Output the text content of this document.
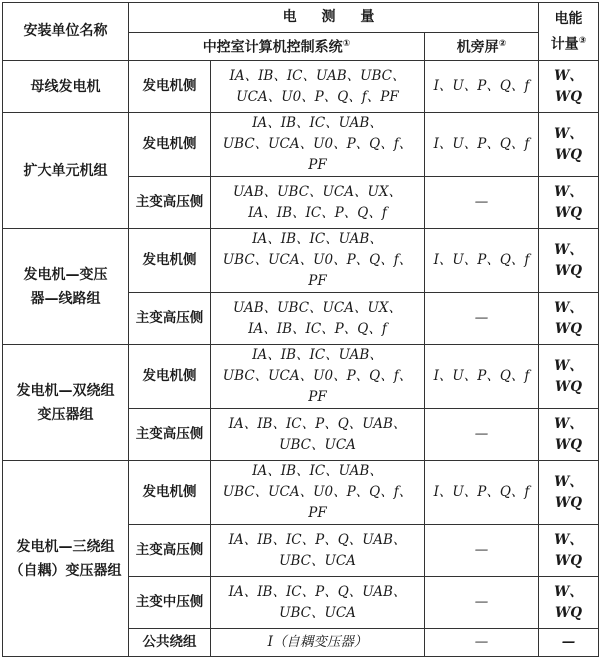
安装单位名称	电 测 量			电能
计量③
	中控室计算机控制系统①		机旁屏②
母线发电机	发电机侧	IA、IB、IC、UAB、UBC、
UCA、U0、P、Q、f、PF	I、U、P、Q、f	W、WQ
扩大单元机组	发电机侧	IA、IB、IC、UAB、
UBC、UCA、U0、P、Q、f、PF	I、U、P、Q、f	W、WQ
	主变高压侧	UAB、UBC、UCA、UX、
IA、IB、IC、P、Q、f	—	W、WQ
发电机—变压
器—线路组	发电机侧	IA、IB、IC、UAB、
UBC、UCA、U0、P、Q、f、PF	I、U、P、Q、f	W、WQ
	主变高压侧	UAB、UBC、UCA、UX、
IA、IB、IC、P、Q、f	—	W、WQ
发电机—双绕组
变压器组	发电机侧	IA、IB、IC、UAB、
UBC、UCA、U0、P、Q、f、PF	I、U、P、Q、f	W、WQ
	主变高压侧	IA、IB、IC、P、Q、UAB、
UBC、UCA	—	W、WQ
发电机—三绕组
（自耦）变压器组	发电机侧	IA、IB、IC、UAB、
UBC、UCA、U0、P、Q、f、PF	I、U、P、Q、f	W、WQ
	主变高压侧	IA、IB、IC、P、Q、UAB、
UBC、UCA	—	W、WQ
	主变中压侧	IA、IB、IC、P、Q、UAB、
UBC、UCA	—	W、WQ
	公共绕组	I（自耦变压器）	—	—
